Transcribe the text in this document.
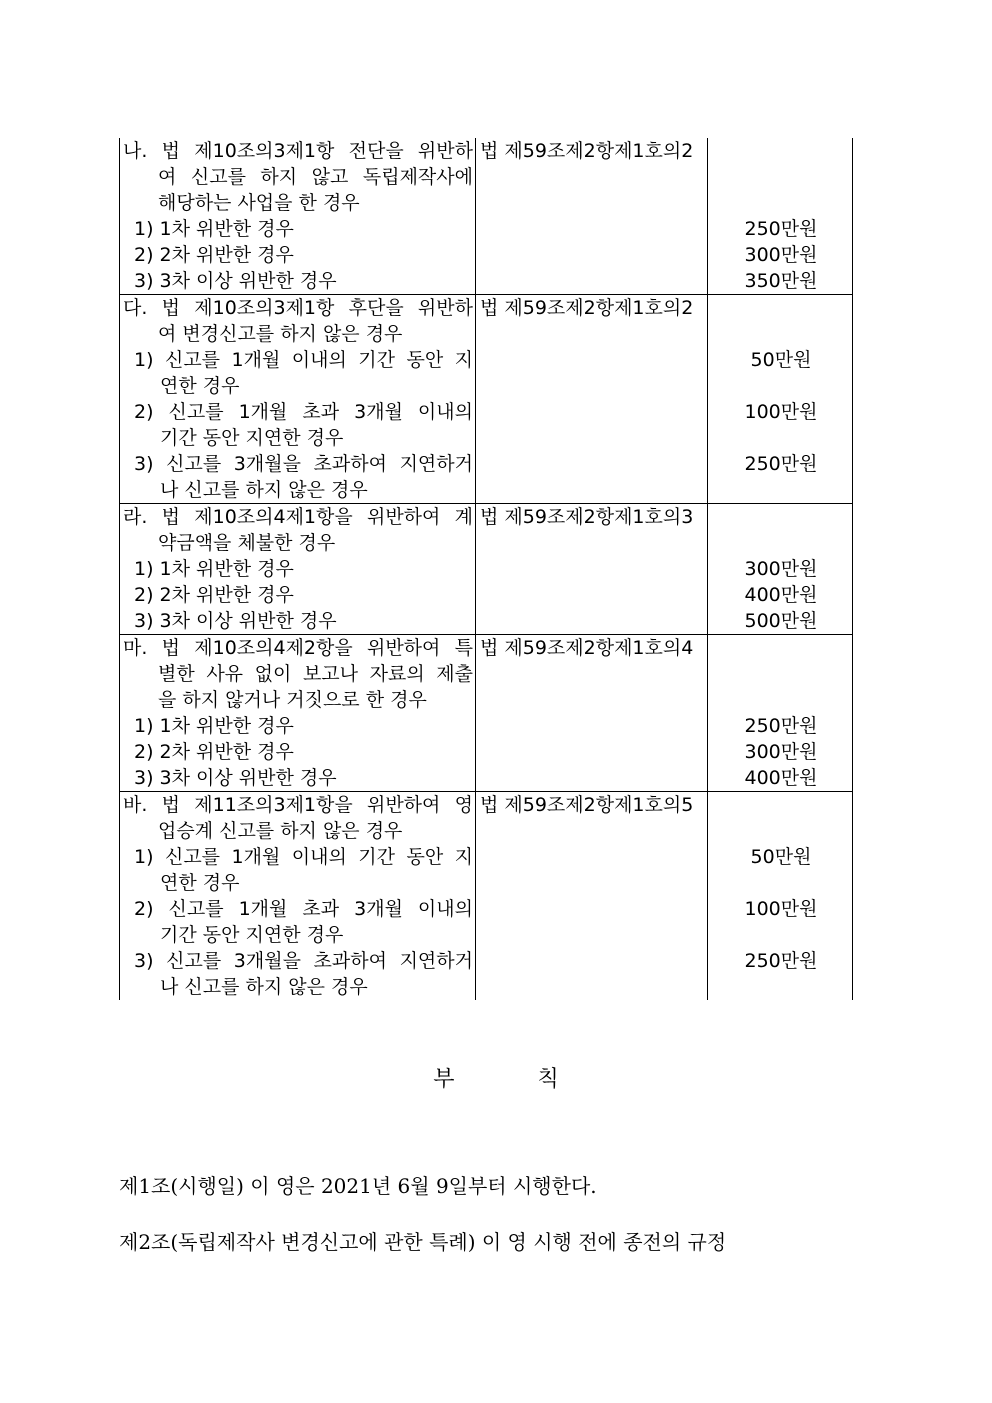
나. 법 제10조의3제1항 전단을 위반하
여 신고를 하지 않고 독립제작사에
해당하는 사업을 한 경우
1) 1차 위반한 경우
2) 2차 위반한 경우
3) 3차 이상 위반한 경우
법 제59조제2항제1호의2
250만원
300만원
350만원
다. 법 제10조의3제1항 후단을 위반하
여 변경신고를 하지 않은 경우
1) 신고를 1개월 이내의 기간 동안 지
연한 경우
2) 신고를 1개월 초과 3개월 이내의
기간 동안 지연한 경우
3) 신고를 3개월을 초과하여 지연하거
나 신고를 하지 않은 경우
법 제59조제2항제1호의2
50만원
100만원
250만원
라. 법 제10조의4제1항을 위반하여 계
약금액을 체불한 경우
1) 1차 위반한 경우
2) 2차 위반한 경우
3) 3차 이상 위반한 경우
법 제59조제2항제1호의3
300만원
400만원
500만원
마. 법 제10조의4제2항을 위반하여 특
별한 사유 없이 보고나 자료의 제출
을 하지 않거나 거짓으로 한 경우
1) 1차 위반한 경우
2) 2차 위반한 경우
3) 3차 이상 위반한 경우
법 제59조제2항제1호의4
250만원
300만원
400만원
바. 법 제11조의3제1항을 위반하여 영
업승계 신고를 하지 않은 경우
1) 신고를 1개월 이내의 기간 동안 지
연한 경우
2) 신고를 1개월 초과 3개월 이내의
기간 동안 지연한 경우
3) 신고를 3개월을 초과하여 지연하거
나 신고를 하지 않은 경우
법 제59조제2항제1호의5
50만원
100만원
250만원
부	칙
제1조(시행일) 이 영은 2021년 6월 9일부터 시행한다.
제2조(독립제작사 변경신고에 관한 특례) 이 영 시행 전에 종전의 규정
